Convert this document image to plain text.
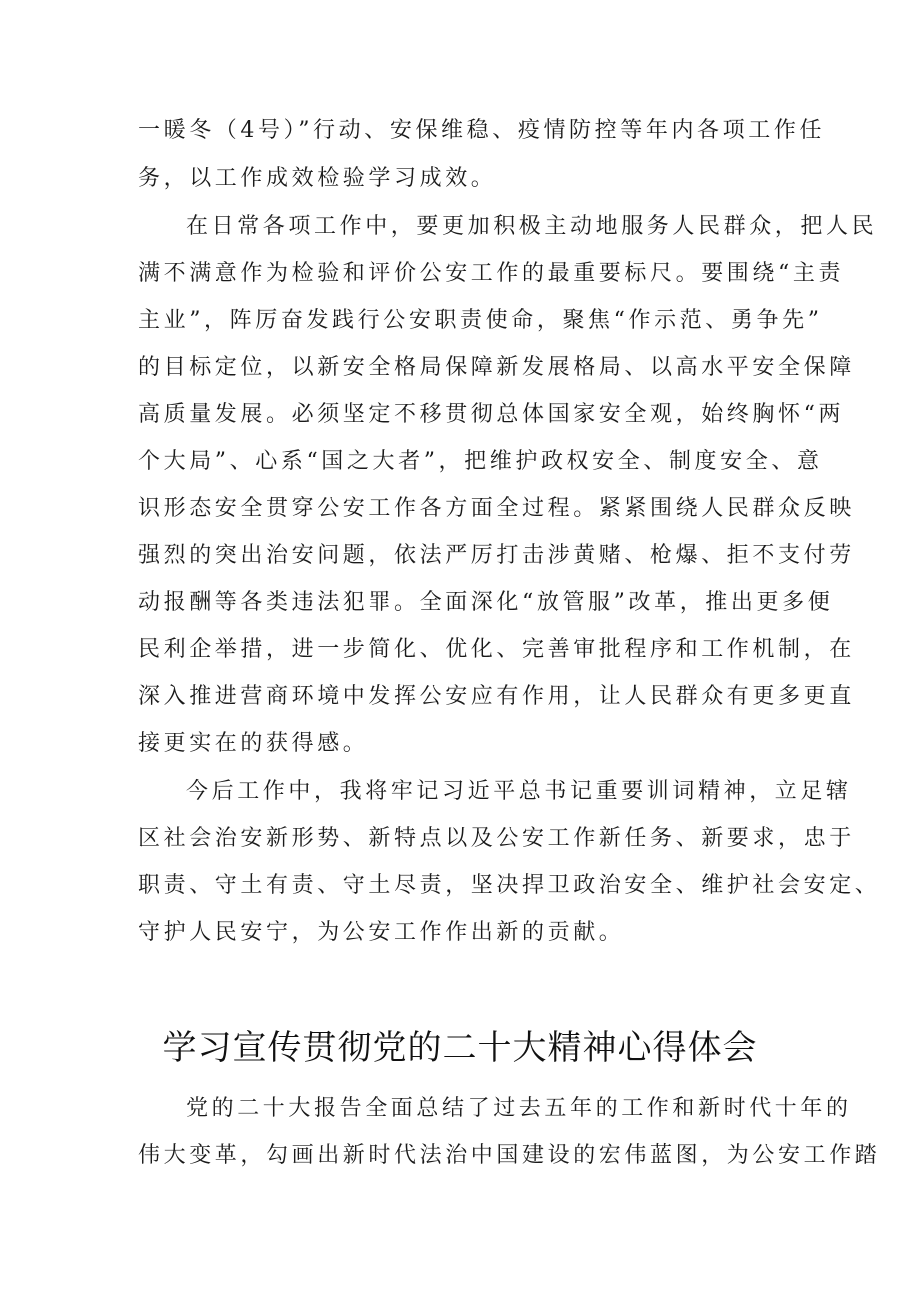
一暖冬（4号）”行动、安保维稳、疫情防控等年内各项工作任
务，以工作成效检验学习成效。
在日常各项工作中，要更加积极主动地服务人民群众，把人民
满不满意作为检验和评价公安工作的最重要标尺。要围绕“主责
主业”，阵厉奋发践行公安职责使命，聚焦“作示范、勇争先”
的目标定位，以新安全格局保障新发展格局、以高水平安全保障
高质量发展。必须坚定不移贯彻总体国家安全观，始终胸怀“两
个大局”、心系“国之大者”，把维护政权安全、制度安全、意
识形态安全贯穿公安工作各方面全过程。紧紧围绕人民群众反映
强烈的突出治安问题，依法严厉打击涉黄赌、枪爆、拒不支付劳
动报酬等各类违法犯罪。全面深化“放管服”改革，推出更多便
民利企举措，进一步简化、优化、完善审批程序和工作机制，在
深入推进营商环境中发挥公安应有作用，让人民群众有更多更直
接更实在的获得感。
今后工作中，我将牢记习近平总书记重要训词精神，立足辖
区社会治安新形势、新特点以及公安工作新任务、新要求，忠于
职责、守土有责、守土尽责，坚决捍卫政治安全、维护社会安定、
守护人民安宁，为公安工作作出新的贡献。
学习宣传贯彻党的二十大精神心得体会
党的二十大报告全面总结了过去五年的工作和新时代十年的
伟大变革，勾画出新时代法治中国建设的宏伟蓝图，为公安工作踏
